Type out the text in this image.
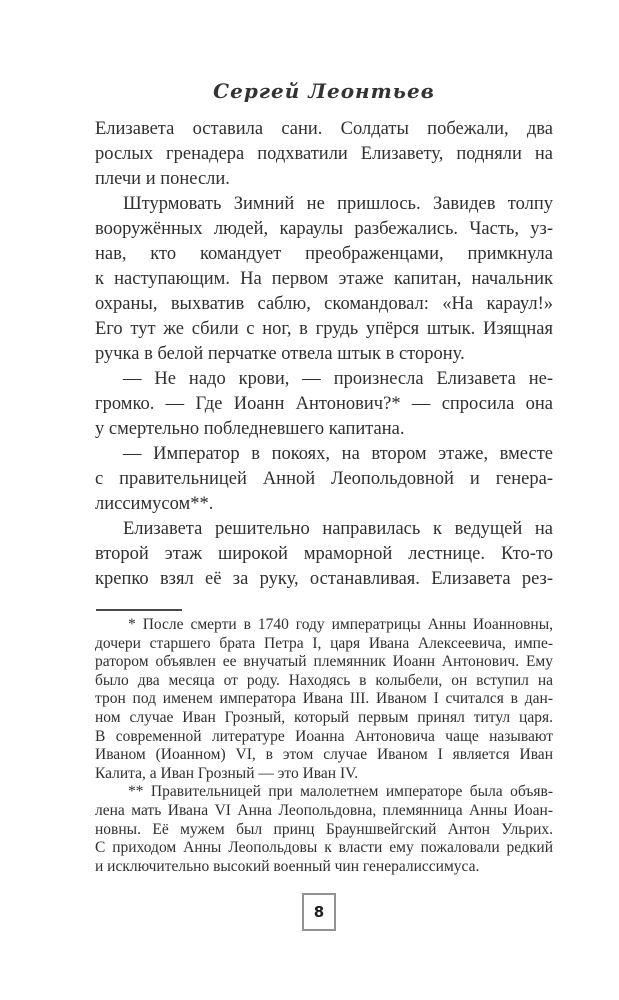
Сергей Леонтьев
Елизавета оставила сани. Солдаты побежали, два
рослых гренадера подхватили Елизавету, подняли на
плечи и понесли.
Штурмовать Зимний не пришлось. Завидев толпу
вооружённых людей, караулы разбежались. Часть, уз-
нав, кто командует преображенцами, примкнула
к наступающим. На первом этаже капитан, начальник
охраны, выхватив саблю, скомандовал: «На караул!»
Его тут же сбили с ног, в грудь упёрся штык. Изящная
ручка в белой перчатке отвела штык в сторону.
— Не надо крови, — произнесла Елизавета не-
громко. — Где Иоанн Антонович?* — спросила она
у смертельно побледневшего капитана.
— Император в покоях, на втором этаже, вместе
с правительницей Анной Леопольдовной и генера-
лиссимусом**.
Елизавета решительно направилась к ведущей на
второй этаж широкой мраморной лестнице. Кто-то
крепко взял её за руку, останавливая. Елизавета рез-
* После смерти в 1740 году императрицы Анны Иоанновны,
дочери старшего брата Петра I, царя Ивана Алексеевича, импе-
ратором объявлен ее внучатый племянник Иоанн Антонович. Ему
было два месяца от роду. Находясь в колыбели, он вступил на
трон под именем императора Ивана III. Иваном I считался в дан-
ном случае Иван Грозный, который первым принял титул царя.
В современной литературе Иоанна Антоновича чаще называют
Иваном (Иоанном) VI, в этом случае Иваном I является Иван
Калита, а Иван Грозный — это Иван IV.
** Правительницей при малолетнем императоре была объяв-
лена мать Ивана VI Анна Леопольдовна, племянница Анны Иоан-
новны. Её мужем был принц Брауншвейгский Антон Ульрих.
С приходом Анны Леопольдовы к власти ему пожаловали редкий
и исключительно высокий военный чин генералиссимуса.
8
